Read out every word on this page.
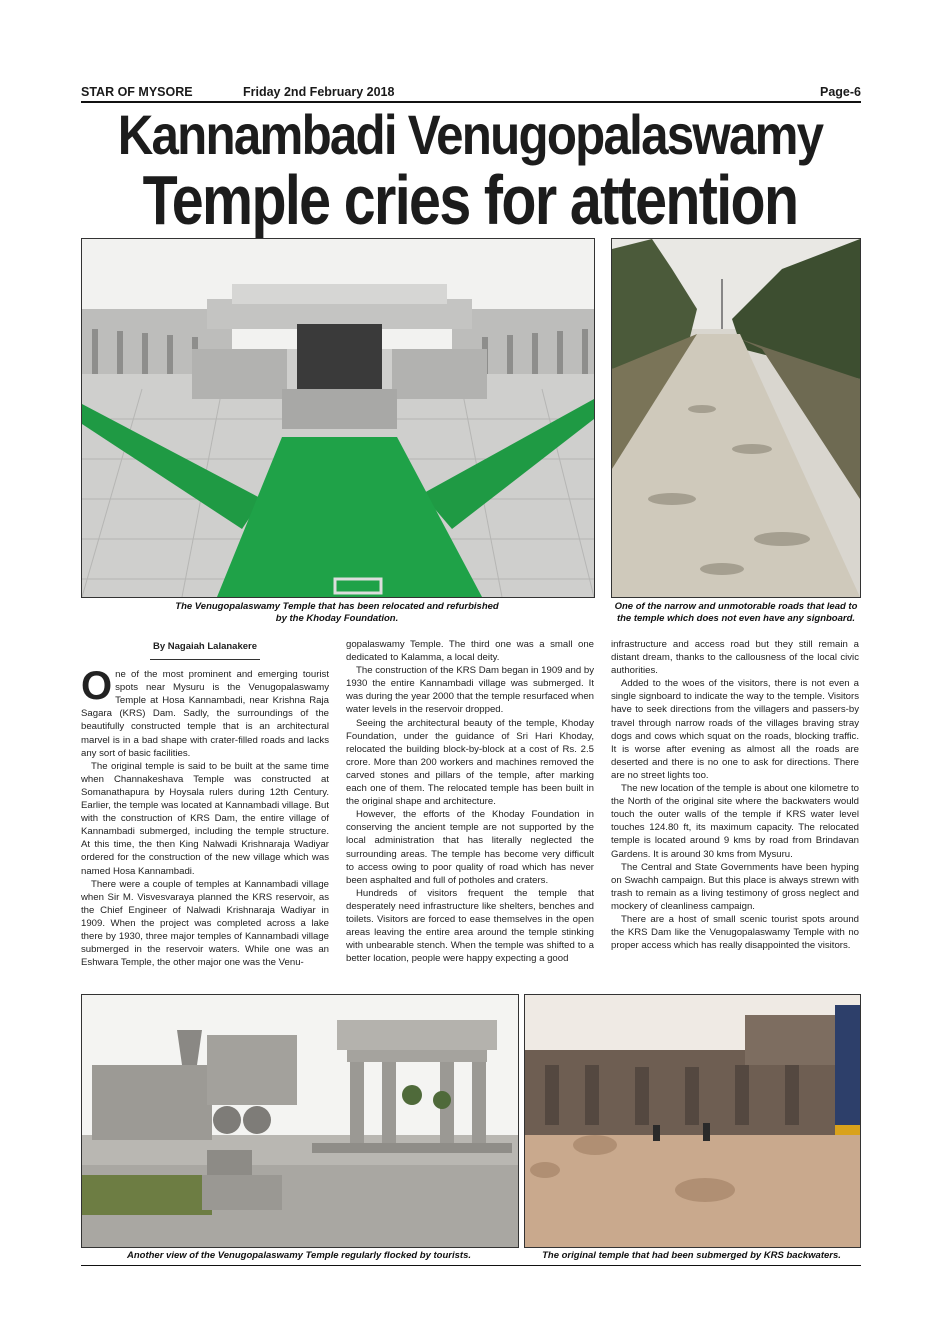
STAR OF MYSORE	Friday 2nd February 2018	Page-6
Kannambadi Venugopalaswamy
Temple cries for attention
The Venugopalaswamy Temple that has been relocated and refurbished
by the Khoday Foundation.
One of the narrow and unmotorable roads that lead to
the temple which does not even have any signboard.
By Nagaiah Lalanakere

One of the most prominent and emerging tourist spots near Mysuru is the Venugopalaswamy Temple at Hosa Kannambadi, near Krishna Raja Sagara (KRS) Dam. Sadly, the surroundings of the beautifully constructed temple that is an architectural marvel is in a bad shape with crater-filled roads and lacks any sort of basic facilities.

The original temple is said to be built at the same time when Channakeshava Temple was constructed at Somanathapura by Hoysala rulers during 12th Century. Earlier, the temple was located at Kannambadi village. But with the construction of KRS Dam, the entire village of Kannambadi submerged, including the temple structure. At this time, the then King Nalwadi Krishnaraja Wadiyar ordered for the construction of the new village which was named Hosa Kannambadi.

There were a couple of temples at Kannambadi village when Sir M. Visvesvaraya planned the KRS reservoir, as the Chief Engineer of Nalwadi Krishnaraja Wadiyar in 1909. When the project was completed across a lake there by 1930, three major temples of Kannambadi village submerged in the reservoir waters. While one was an Eshwara Temple, the other major one was the Venu-

gopalaswamy Temple. The third one was a small one dedicated to Kalamma, a local deity.

The construction of the KRS Dam began in 1909 and by 1930 the entire Kannambadi village was submerged. It was during the year 2000 that the temple resurfaced when water levels in the reservoir dropped.

Seeing the architectural beauty of the temple, Khoday Foundation, under the guidance of Sri Hari Khoday, relocated the building block-by-block at a cost of Rs. 2.5 crore. More than 200 workers and machines removed the carved stones and pillars of the temple, after marking each one of them. The relocated temple has been built in the original shape and architecture.

However, the efforts of the Khoday Foundation in conserving the ancient temple are not supported by the local administration that has literally neglected the surrounding areas. The temple has become very difficult to access owing to poor quality of road which has never been asphalted and full of potholes and craters.

Hundreds of visitors frequent the temple that desperately need infrastructure like shelters, benches and toilets. Visitors are forced to ease themselves in the open areas leaving the entire area around the temple stinking with unbearable stench. When the temple was shifted to a better location, people were happy expecting a good

infrastructure and access road but they still remain a distant dream, thanks to the callousness of the local civic authorities.

Added to the woes of the visitors, there is not even a single signboard to indicate the way to the temple. Visitors have to seek directions from the villagers and passers-by travel through narrow roads of the villages braving stray dogs and cows which squat on the roads, blocking traffic. It is worse after evening as almost all the roads are deserted and there is no one to ask for directions. There are no street lights too.

The new location of the temple is about one kilometre to the North of the original site where the backwaters would touch the outer walls of the temple if KRS water level touches 124.80 ft, its maximum capacity. The relocated temple is located around 9 kms by road from Brindavan Gardens. It is around 30 kms from Mysuru.

The Central and State Governments have been hyping on Swachh campaign. But this place is always strewn with trash to remain as a living testimony of gross neglect and mockery of cleanliness campaign.

There are a host of small scenic tourist spots around the KRS Dam like the Venugopalaswamy Temple with no proper access which has really disappointed the visitors.

Another view of the Venugopalaswamy Temple regularly flocked by tourists.	The original temple that had been submerged by KRS backwaters.
